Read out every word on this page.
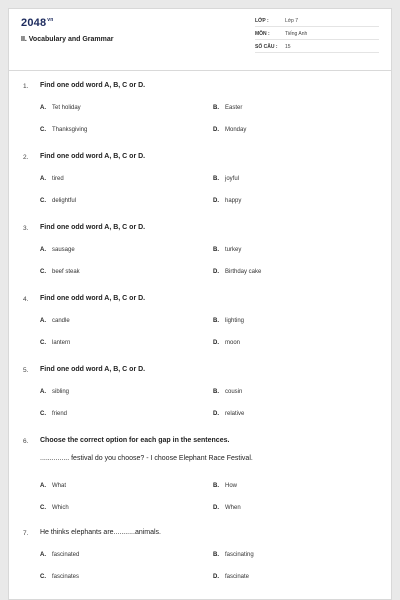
$2048^{vn}$
II. Vocabulary and Grammar
LỚP :	Lớp 7
MÔN :	Tiếng Anh
SỐ CÂU : 15
1. Find one odd word A, B, C or D.
A. Tet holiday	B. Easter
C. Thanksgiving	D. Monday
2. Find one odd word A, B, C or D.
A. tired	B. joyful
C. delightful	D. happy
3. Find one odd word A, B, C or D.
A. sausage	B. turkey
C. beef steak	D. Birthday cake
4. Find one odd word A, B, C or D.
A. candle	B. lighting
C. lantern	D. moon
5. Find one odd word A, B, C or D.
A. sibling	B. cousin
C. friend	D. relative
6. Choose the correct option for each gap in the sentences.
............... festival do you choose? - I choose Elephant Race Festival.
A. What	B. How
C. Which	D. When
7. He thinks elephants are...........animals.
A. fascinated	B. fascinating
C. fascinates	D. fascinate
